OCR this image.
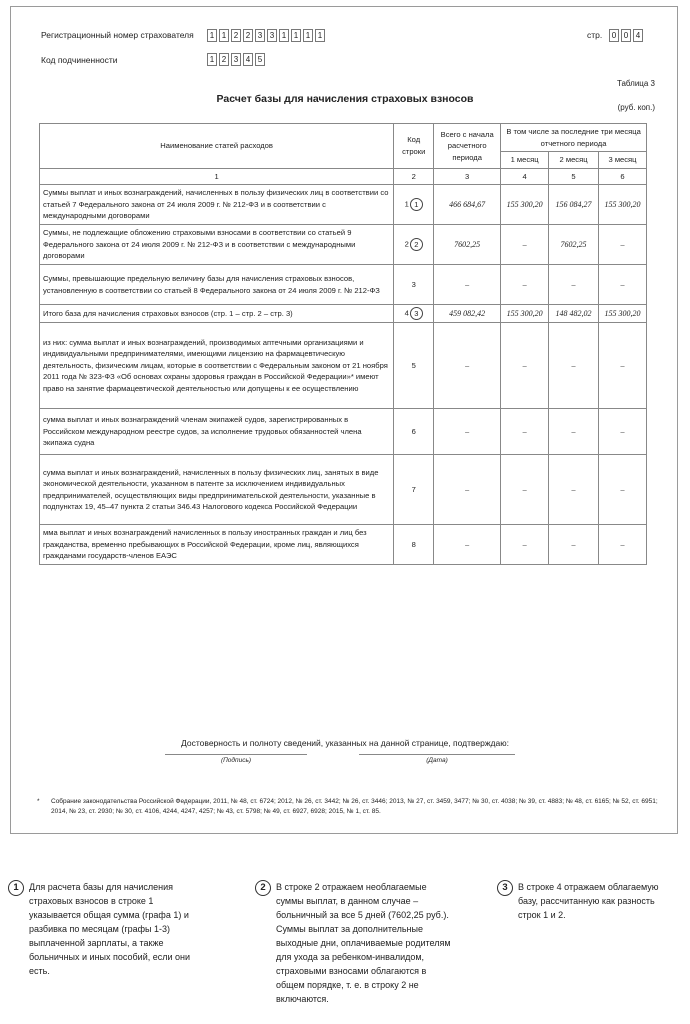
Регистрационный номер страхователя	1 1 2 2 3 3 1 1 1 1	стр.	0 0 4
Код подчиненности	1 2 3 4 5
Таблица 3
Расчет базы для начисления страховых взносов
(руб. коп.)
Наименование статей расходов	Код строки	Всего с начала расчетного периода	В том числе за последние три месяца отчетного периода		
			1 месяц	2 месяц	3 месяц
1	2	3	4	5	6
Суммы выплат и иных вознаграждений, начисленных в пользу физических лиц в соответствии со статьей 7 Федерального закона от 24 июля 2009 г. № 212-ФЗ и в соответствии с международными договорами	1 1	466 684,67	155 300,20	156 084,27	155 300,20
Суммы, не подлежащие обложению страховыми взносами в соответствии со статьей 9 Федерального закона от 24 июля 2009 г. № 212-ФЗ и в соответствии с международными договорами	2 2	7602,25	–	7602,25	–
Суммы, превышающие предельную величину базы для начисления страховых взносов, установленную в соответствии со статьей 8 Федерального закона от 24 июля 2009 г. № 212-ФЗ	3	–	–	–	–
Итого база для начисления страховых взносов (стр. 1 – стр. 2 – стр. 3)	4 3	459 082,42	155 300,20	148 482,02	155 300,20
из них: сумма выплат и иных вознаграждений, производимых аптечными организациями и индивидуальными предпринимателями, имеющими лицензию на фармацевтическую деятельность, физическим лицам, которые в соответствии с Федеральным законом от 21 ноября 2011 года № 323-ФЗ «Об основах охраны здоровья граждан в Российской Федерации»* имеют право на занятие фармацевтической деятельностью или допущены к ее осуществлению	5	–	–	–	–
сумма выплат и иных вознаграждений членам экипажей судов, зарегистрированных в Российском международном реестре судов, за исполнение трудовых обязанностей члена экипажа судна	6	–	–	–	–
сумма выплат и иных вознаграждений, начисленных в пользу физических лиц, занятых в виде экономической деятельности, указанном в патенте за исключением индивидуальных предпринимателей, осуществляющих виды предпринимательской деятельности, указанные в подпунктах 19, 45–47 пункта 2 статьи 346.43 Налогового кодекса Российской Федерации	7	–	–	–	–
мма выплат и иных вознаграждений начисленных в пользу иностранных граждан и лиц без гражданства, временно пребывающих в Российской Федерации, кроме лиц, являющихся гражданами государств-членов ЕАЭС	8	–	–	–	–
Достоверность и полноту сведений, указанных на данной странице, подтверждаю:
(Подпись)	(Дата)
* Собрание законодательства Российской Федерации, 2011, № 48, ст. 6724; 2012, № 26, ст. 3442; № 26, ст. 3446; 2013, № 27, ст. 3459, 3477; № 30, ст. 4038; № 39, ст. 4883; № 48, ст. 6165; № 52, ст. 6951; 2014, № 23, ст. 2930; № 30, ст. 4106, 4244, 4247, 4257; № 43, ст. 5798; № 49, ст. 6927, 6928; 2015, № 1, ст. 85.
1	Для расчета базы для начисления страховых взносов в строке 1 указывается общая сумма (графа 1) и разбивка по месяцам (графы 1-3) выплаченной зарплаты, а также больничных и иных пособий, если они есть.
2	В строке 2 отражаем необлагаемые суммы выплат, в данном случае – больничный за все 5 дней (7602,25 руб.). Суммы выплат за дополнительные выходные дни, оплачиваемые родителям для ухода за ребенком-инвалидом, страховыми взносами облагаются в общем порядке, т. е. в строку 2 не включаются.
3	В строке 4 отражаем облагаемую базу, рассчитанную как разность строк 1 и 2.
